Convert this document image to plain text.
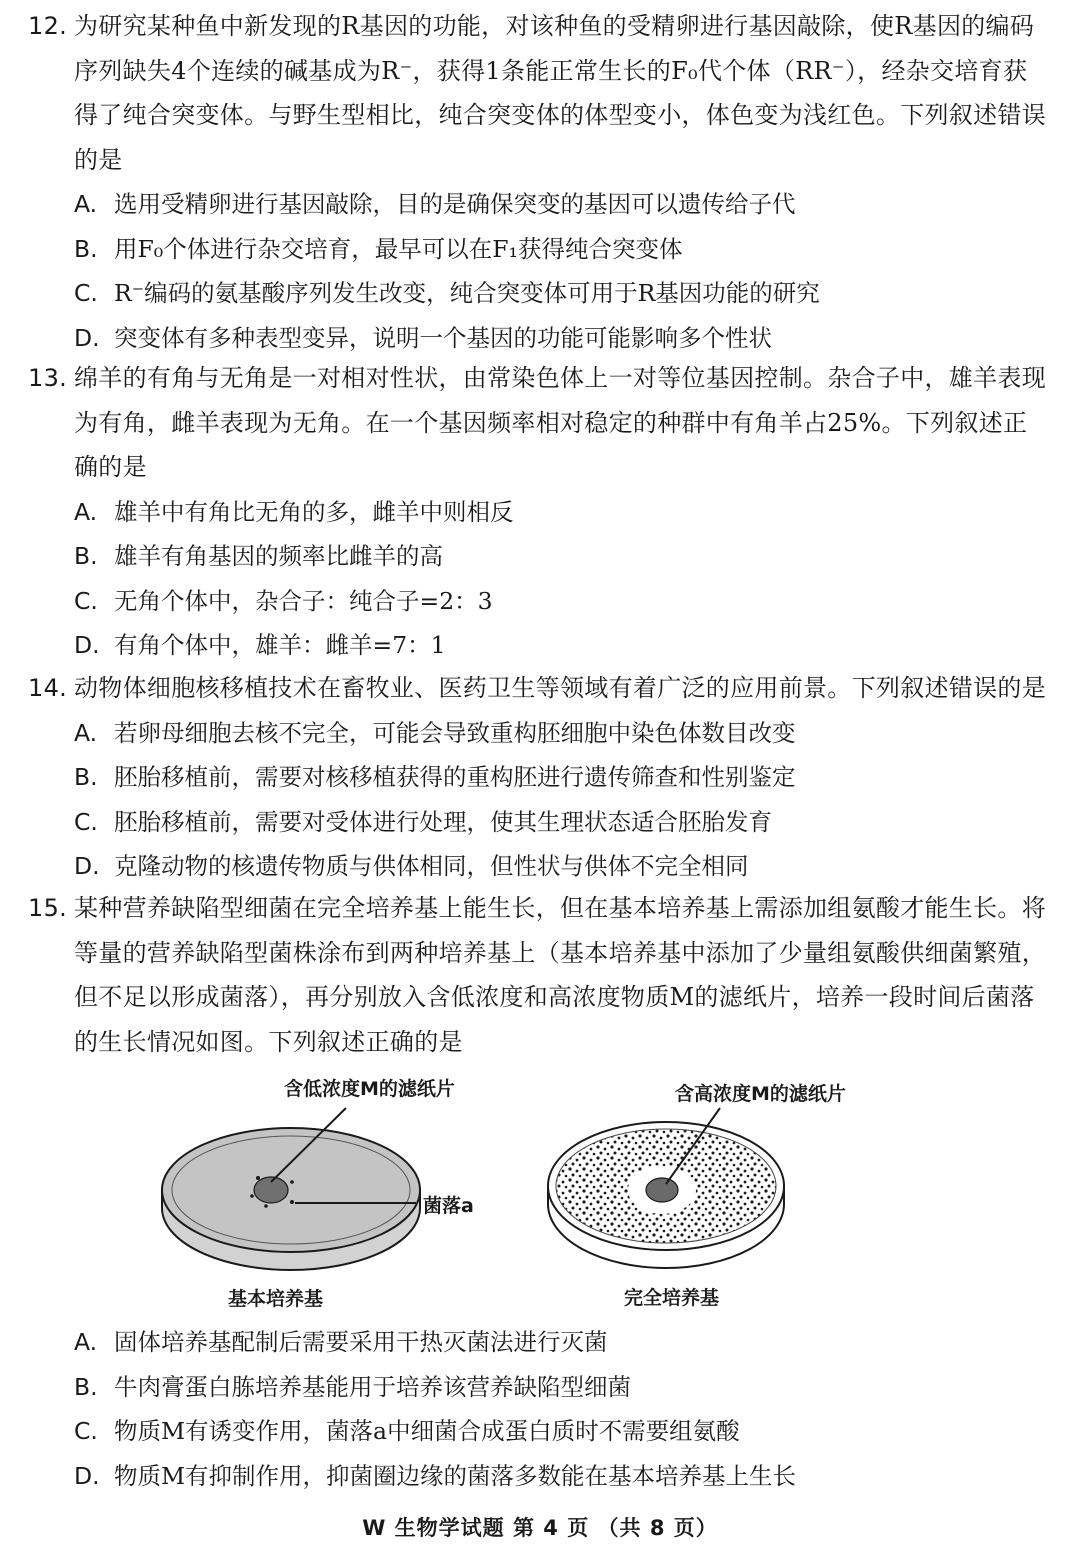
12. 为研究某种鱼中新发现的R基因的功能，对该种鱼的受精卵进行基因敲除，使R基因的编码序列缺失4个连续的碱基成为R⁻，获得1条能正常生长的F₀代个体（RR⁻），经杂交培育获得了纯合突变体。与野生型相比，纯合突变体的体型变小，体色变为浅红色。下列叙述错误的是
A. 选用受精卵进行基因敲除，目的是确保突变的基因可以遗传给子代
B. 用F₀个体进行杂交培育，最早可以在F₁获得纯合突变体
C. R⁻编码的氨基酸序列发生改变，纯合突变体可用于R基因功能的研究
D. 突变体有多种表型变异，说明一个基因的功能可能影响多个性状
13. 绵羊的有角与无角是一对相对性状，由常染色体上一对等位基因控制。杂合子中，雄羊表现为有角，雌羊表现为无角。在一个基因频率相对稳定的种群中有角羊占25%。下列叙述正确的是
A. 雄羊中有角比无角的多，雌羊中则相反
B. 雄羊有角基因的频率比雌羊的高
C. 无角个体中，杂合子：纯合子=2：3
D. 有角个体中，雄羊：雌羊=7：1
14. 动物体细胞核移植技术在畜牧业、医药卫生等领域有着广泛的应用前景。下列叙述错误的是
A. 若卵母细胞去核不完全，可能会导致重构胚细胞中染色体数目改变
B. 胚胎移植前，需要对核移植获得的重构胚进行遗传筛查和性别鉴定
C. 胚胎移植前，需要对受体进行处理，使其生理状态适合胚胎发育
D. 克隆动物的核遗传物质与供体相同，但性状与供体不完全相同
15. 某种营养缺陷型细菌在完全培养基上能生长，但在基本培养基上需添加组氨酸才能生长。将等量的营养缺陷型菌株涂布到两种培养基上（基本培养基中添加了少量组氨酸供细菌繁殖，但不足以形成菌落），再分别放入含低浓度和高浓度物质M的滤纸片，培养一段时间后菌落的生长情况如图。下列叙述正确的是
含低浓度M的滤纸片	含高浓度M的滤纸片
菌落a
基本培养基	完全培养基
A. 固体培养基配制后需要采用干热灭菌法进行灭菌
B. 牛肉膏蛋白胨培养基能用于培养该营养缺陷型细菌
C. 物质M有诱变作用，菌落a中细菌合成蛋白质时不需要组氨酸
D. 物质M有抑制作用，抑菌圈边缘的菌落多数能在基本培养基上生长
W 生物学试题 第 4 页 （共 8 页）
